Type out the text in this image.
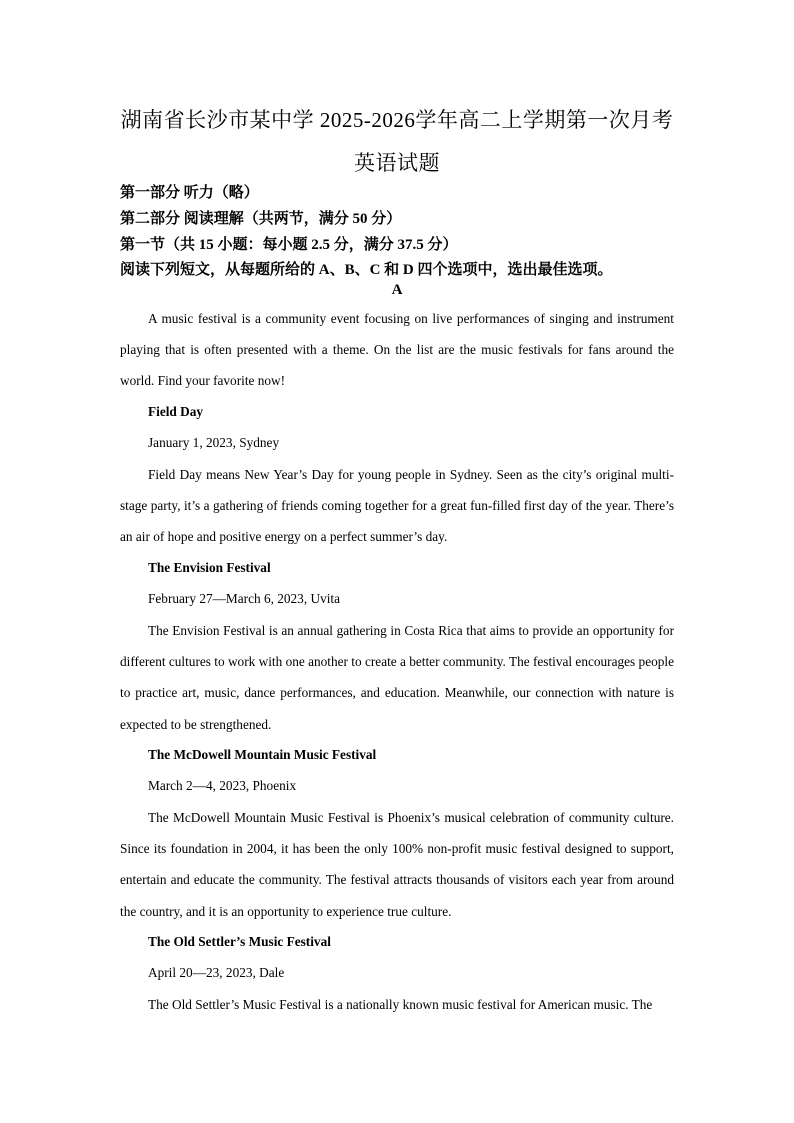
湖南省长沙市某中学 2025-2026学年高二上学期第一次月考
英语试题
第一部分 听力（略）
第二部分 阅读理解（共两节，满分 50 分）
第一节（共 15 小题：每小题 2.5 分，满分 37.5 分）
阅读下列短文，从每题所给的 A、B、C 和 D 四个选项中，选出最佳选项。
A
A music festival is a community event focusing on live performances of singing and instrument playing that is often presented with a theme. On the list are the music festivals for fans around the world. Find your favorite now!
Field Day
January 1, 2023, Sydney
Field Day means New Year’s Day for young people in Sydney. Seen as the city’s original multi-stage party, it’s a gathering of friends coming together for a great fun-filled first day of the year. There’s an air of hope and positive energy on a perfect summer’s day.
The Envision Festival
February 27—March 6, 2023, Uvita
The Envision Festival is an annual gathering in Costa Rica that aims to provide an opportunity for different cultures to work with one another to create a better community. The festival encourages people to practice art, music, dance performances, and education. Meanwhile, our connection with nature is expected to be strengthened.
The McDowell Mountain Music Festival
March 2—4, 2023, Phoenix
The McDowell Mountain Music Festival is Phoenix’s musical celebration of community culture. Since its foundation in 2004, it has been the only 100% non-profit music festival designed to support, entertain and educate the community. The festival attracts thousands of visitors each year from around the country, and it is an opportunity to experience true culture.
The Old Settler’s Music Festival
April 20—23, 2023, Dale
The Old Settler’s Music Festival is a nationally known music festival for American music. The
